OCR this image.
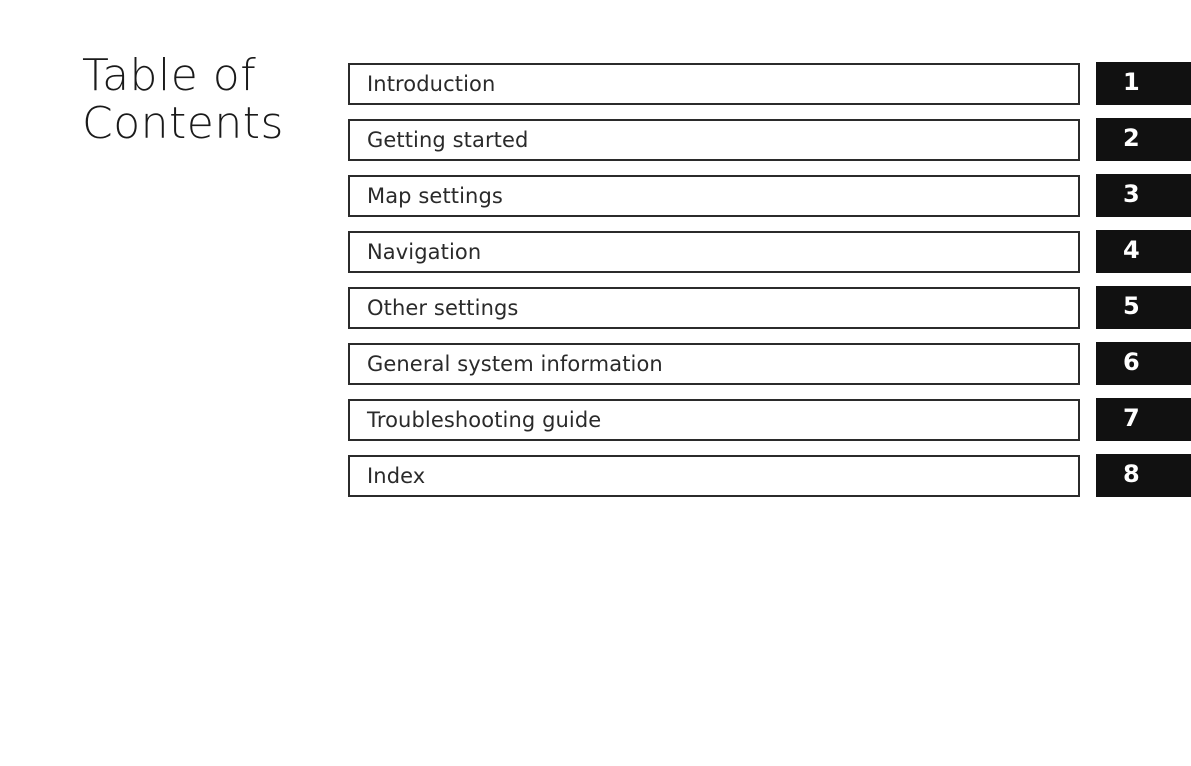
Table of
Contents
Introduction	1
Getting started	2
Map settings	3
Navigation	4
Other settings	5
General system information	6
Troubleshooting guide	7
Index	8
